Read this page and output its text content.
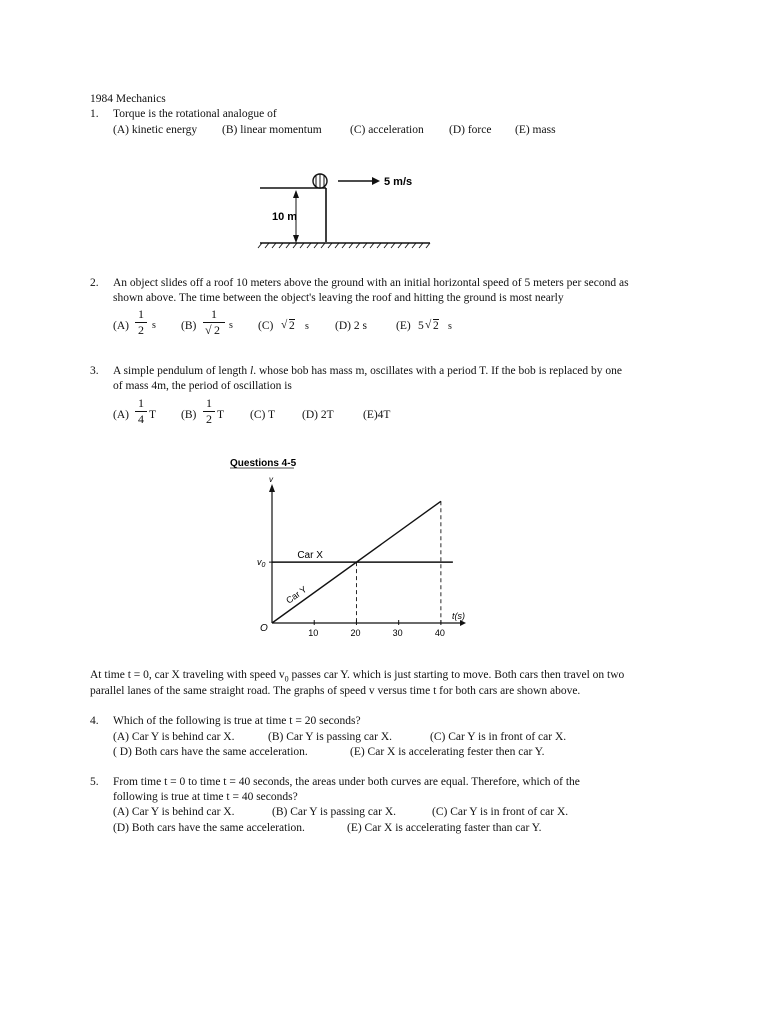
1984 Mechanics
1. Torque is the rotational analogue of
(A) kinetic energy (B) linear momentum (C) acceleration (D) force (E) mass
5 m/s
10 m
2. An object slides off a roof 10 meters above the ground with an initial horizontal speed of 5 meters per second as
shown above. The time between the object's leaving the roof and hitting the ground is most nearly
(A)
1
2 s (B)
1
√ 2 s (C) √ 2 s (D) 2 s	(E) 5 √ 2 s
3. A simple pendulum of length l. whose bob has mass m, oscillates with a period T. If the bob is replaced by one
of mass 4m, the period of oscillation is
(A)
1
4 T (B)
1
2 T (C) T (D) 2T	(E)4T
Questions 4-5
10	20	30	40
Car X
Car Y
v
$v_0$
O
t(s)
At time t = 0, car X traveling with speed $v_0$ passes car Y. which is just starting to move. Both cars then travel on two
parallel lanes of the same straight road. The graphs of speed v versus time t for both cars are shown above.
4. Which of the following is true at time t = 20 seconds?
(A) Car Y is behind car X.	(B) Car Y is passing car X.	(C) Car Y is in front of car X.
( D) Both cars have the same acceleration.	(E) Car X is accelerating fester then car Y.
5. From time t = 0 to time t = 40 seconds, the areas under both curves are equal. Therefore, which of the
following is true at time t = 40 seconds?
(A) Car Y is behind car X.	(B) Car Y is passing car X.	(C) Car Y is in front of car X.
(D) Both cars have the same acceleration.	(E) Car X is accelerating faster than car Y.
